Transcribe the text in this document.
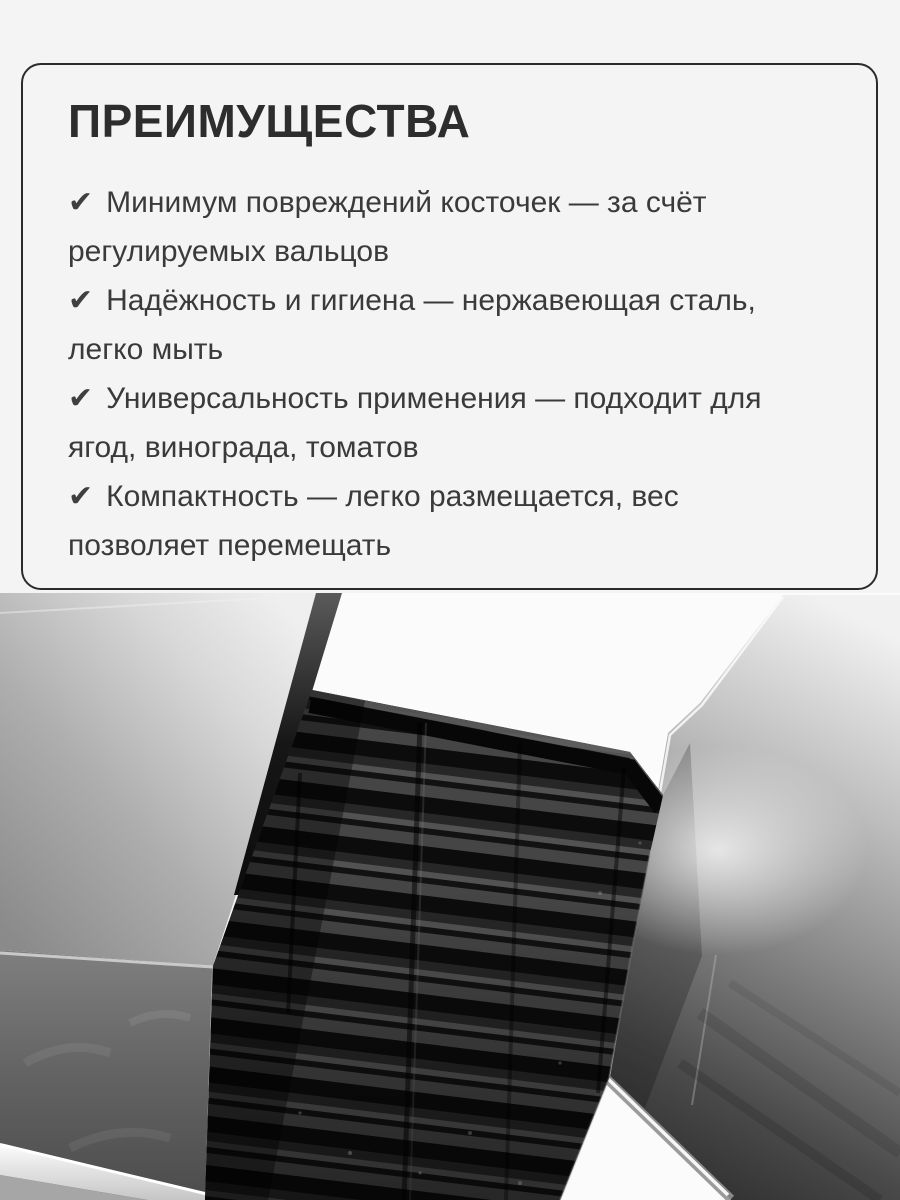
ПРЕИМУЩЕСТВА
✔ Минимум повреждений косточек — за счёт
регулируемых вальцов
✔ Надёжность и гигиена — нержавеющая сталь,
легко мыть
✔ Универсальность применения — подходит для
ягод, винограда, томатов
✔ Компактность — легко размещается, вес
позволяет перемещать
